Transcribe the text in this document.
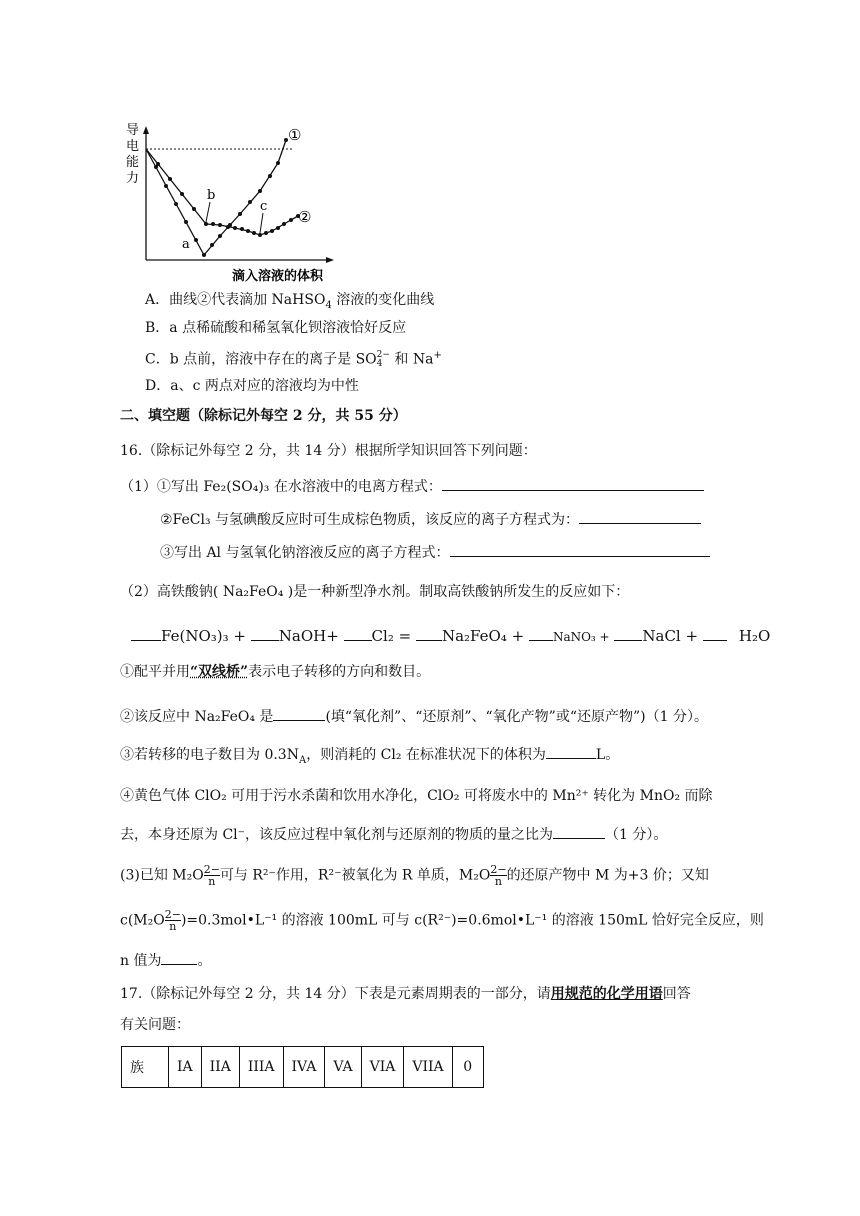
导
电
能
力
①
②
a
b
c
滴入溶液的体积
A．曲线②代表滴加 NaHSO$_4$ 溶液的变化曲线
B．a 点稀硫酸和稀氢氧化钡溶液恰好反应
C．b 点前，溶液中存在的离子是 SO 2−
4 和 Na+
D．a、c 两点对应的溶液均为中性
二、填空题（除标记外每空 2 分，共 55 分）
16.（除标记外每空 2 分，共 14 分）根据所学知识回答下列问题：
（1）①写出 Fe₂(SO₄)₃ 在水溶液中的电离方程式：
②FeCl₃ 与氢碘酸反应时可生成棕色物质，该反应的离子方程式为：
③写出 Al 与氢氧化钠溶液反应的离子方程式：
（2）高铁酸钠( Na₂FeO₄ )是一种新型净水剂。制取高铁酸钠所发生的反应如下：
Fe(NO₃)₃ + NaOH+ Cl₂ = Na₂FeO₄ + NaNO₃ + NaCl +	H₂O
①配平并用“双线桥”表示电子转移的方向和数目。
②该反应中 Na₂FeO₄ 是	(填“氧化剂”、“还原剂”、“氧化产物”或“还原产物”)（1 分）。
③若转移的电子数目为 $0.3N_A$，则消耗的 Cl₂ 在标准状况下的体积为	L。
④黄色气体 ClO₂ 可用于污水杀菌和饮用水净化，ClO₂ 可将废水中的 Mn²⁺ 转化为 MnO₂ 而除
去，本身还原为 Cl⁻，该反应过程中氧化剂与还原剂的物质的量之比为	（1 分）。
(3)已知 $M_2O \frac{2-}{n}$ 可与 R²⁻作用，R²⁻被氧化为 R 单质，$M_2O \frac{2-}{n}$ 的还原产物中 M 为+3 价；又知
$c(M_2O \frac{2-}{n}$ )=0.3mol•L⁻¹ 的溶液 100mL 可与 c(R²⁻)=0.6mol•L⁻¹ 的溶液 150mL 恰好完全反应，则
n 值为	。
17.（除标记外每空 2 分，共 14 分）下表是元素周期表的一部分，请用规范的化学用语回答
有关问题：
族	IA	IIA	IIIA	IVA	VA	VIA	VIIA	0
